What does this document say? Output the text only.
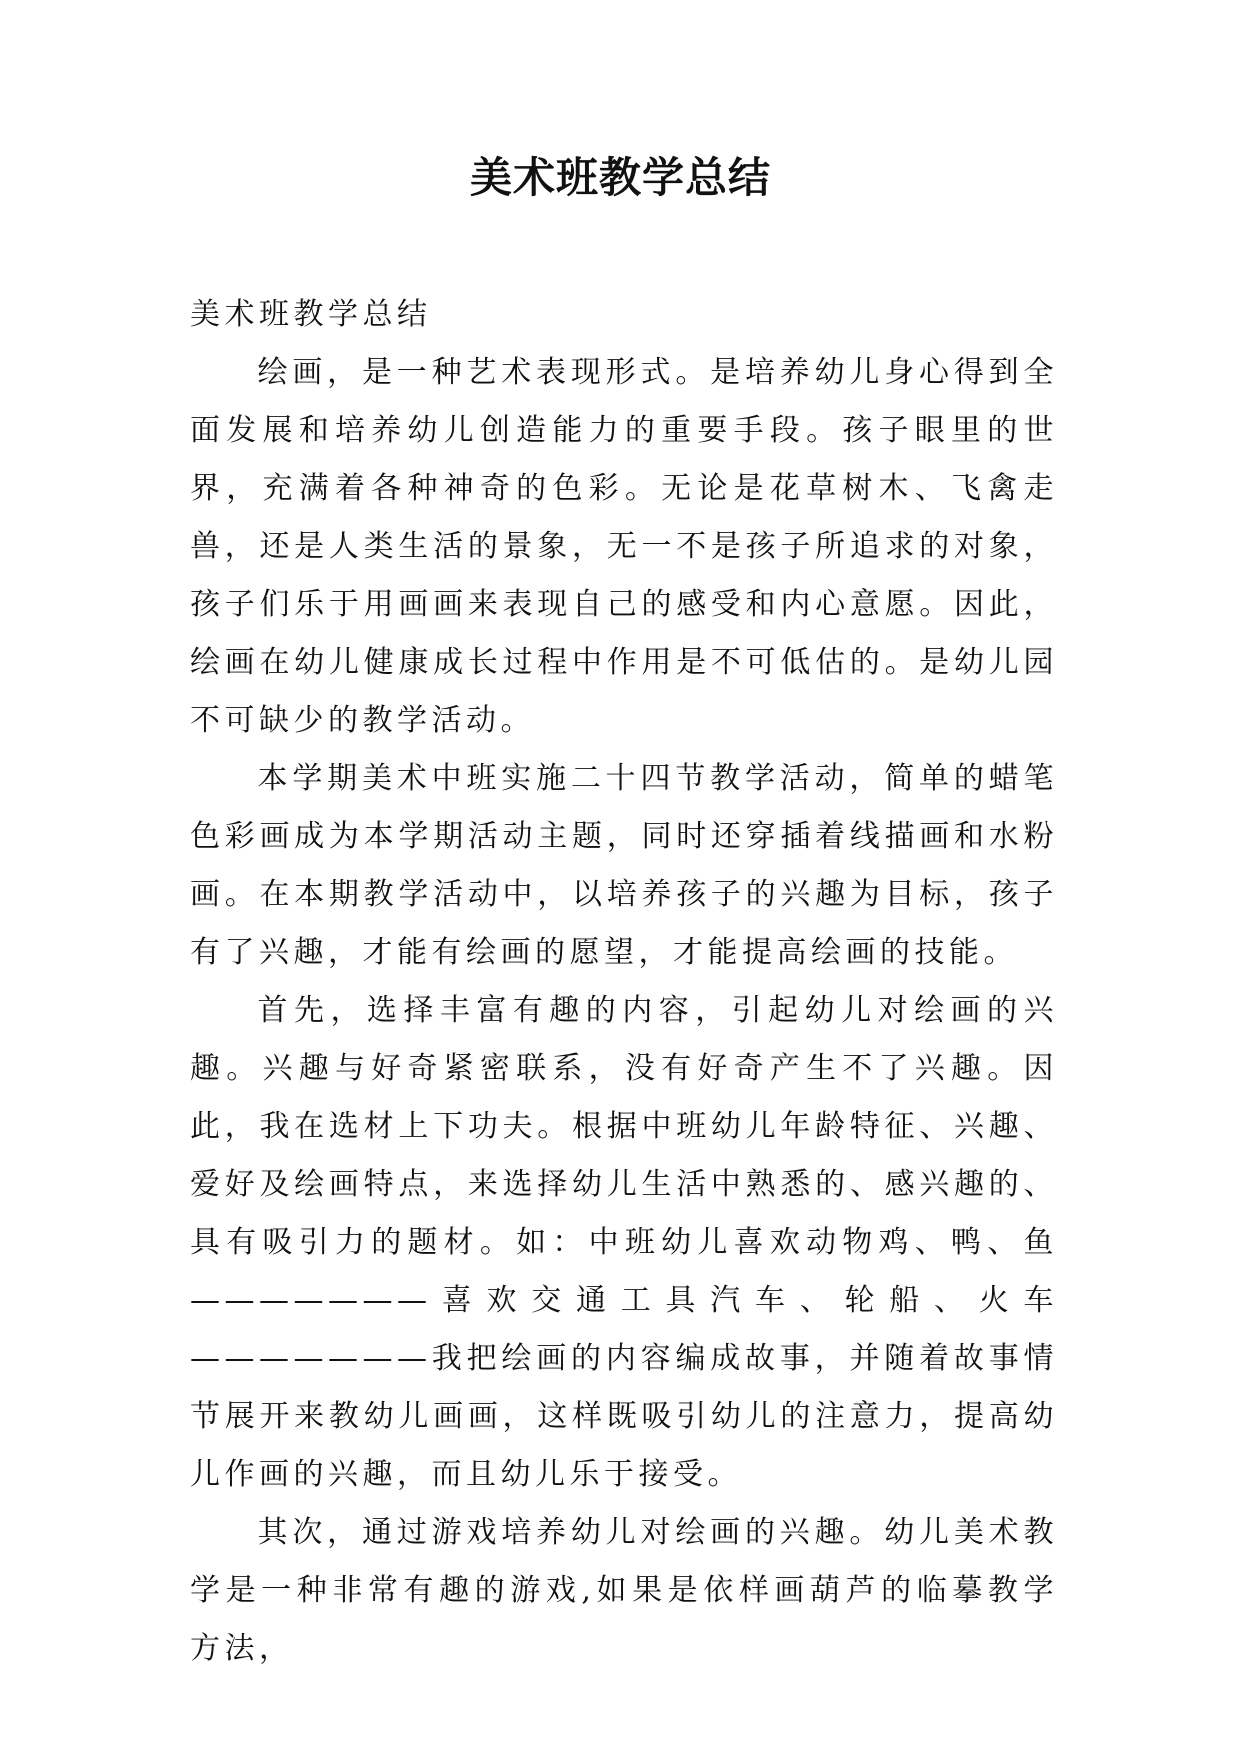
美术班教学总结

美术班教学总结

绘画，是一种艺术表现形式。是培养幼儿身心得到全面发展和培养幼儿创造能力的重要手段。孩子眼里的世界，充满着各种神奇的色彩。无论是花草树木、飞禽走兽，还是人类生活的景象，无一不是孩子所追求的对象，孩子们乐于用画画来表现自己的感受和内心意愿。因此，绘画在幼儿健康成长过程中作用是不可低估的。是幼儿园不可缺少的教学活动。

本学期美术中班实施二十四节教学活动，简单的蜡笔色彩画成为本学期活动主题，同时还穿插着线描画和水粉画。在本期教学活动中，以培养孩子的兴趣为目标，孩子有了兴趣，才能有绘画的愿望，才能提高绘画的技能。

首先，选择丰富有趣的内容，引起幼儿对绘画的兴趣。兴趣与好奇紧密联系，没有好奇产生不了兴趣。因此，我在选材上下功夫。根据中班幼儿年龄特征、兴趣、爱好及绘画特点，来选择幼儿生活中熟悉的、感兴趣的、具有吸引力的题材。如：中班幼儿喜欢动物鸡、鸭、鱼———————喜欢交通工具汽车、轮船、火车———————我把绘画的内容编成故事，并随着故事情节展开来教幼儿画画，这样既吸引幼儿的注意力，提高幼儿作画的兴趣，而且幼儿乐于接受。

其次，通过游戏培养幼儿对绘画的兴趣。幼儿美术教学是一种非常有趣的游戏,如果是依样画葫芦的临摹教学方法，
